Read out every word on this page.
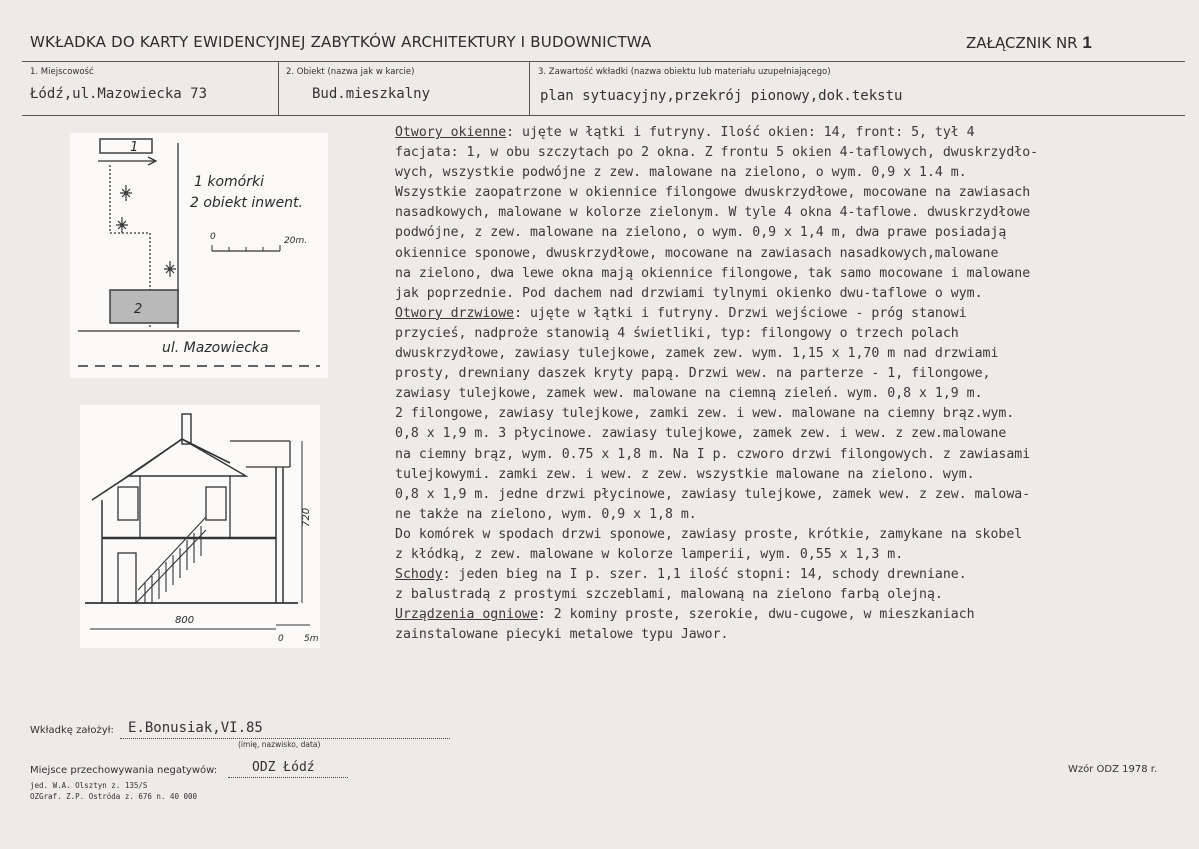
WKŁADKA DO KARTY EWIDENCYJNEJ ZABYTKÓW ARCHITEKTURY I BUDOWNICTWA	ZAŁĄCZNIK NR 1
1. Miejscowość
Łódź,ul.Mazowiecka 73
2. Obiekt (nazwa jak w karcie)
Bud.mieszkalny
3. Zawartość wkładki (nazwa obiektu lub materiału uzupełniającego)
plan sytuacyjny,przekrój pionowy,dok.tekstu
1
2
1 komórki
2 obiekt inwent.
0	20m.
ul. Mazowiecka
720
800
0 5m
Otwory okienne: ujęte w łątki i futryny. Ilość okien: 14, front: 5, tył 4
facjata: 1, w obu szczytach po 2 okna. Z frontu 5 okien 4-taflowych, dwuskrzydło-
wych, wszystkie podwójne z zew. malowane na zielono, o wym. 0,9 x 1.4 m.
Wszystkie zaopatrzone w okiennice filongowe dwuskrzydłowe, mocowane na zawiasach
nasadkowych, malowane w kolorze zielonym. W tyle 4 okna 4-taflowe. dwuskrzydłowe
podwójne, z zew. malowane na zielono, o wym. 0,9 x 1,4 m, dwa prawe posiadają
okiennice sponowe, dwuskrzydłowe, mocowane na zawiasach nasadkowych,malowane
na zielono, dwa lewe okna mają okiennice filongowe, tak samo mocowane i malowane
jak poprzednie. Pod dachem nad drzwiami tylnymi okienko dwu-taflowe o wym.
Otwory drzwiowe: ujęte w łątki i futryny. Drzwi wejściowe - próg stanowi
przycieś, nadproże stanowią 4 świetliki, typ: filongowy o trzech polach
dwuskrzydłowe, zawiasy tulejkowe, zamek zew. wym. 1,15 x 1,70 m nad drzwiami
prosty, drewniany daszek kryty papą. Drzwi wew. na parterze - 1, filongowe,
zawiasy tulejkowe, zamek wew. malowane na ciemną zieleń. wym. 0,8 x 1,9 m.
2 filongowe, zawiasy tulejkowe, zamki zew. i wew. malowane na ciemny brąz.wym.
0,8 x 1,9 m. 3 płycinowe. zawiasy tulejkowe, zamek zew. i wew. z zew.malowane
na ciemny brąz, wym. 0.75 x 1,8 m. Na I p. czworo drzwi filongowych. z zawiasami
tulejkowymi. zamki zew. i wew. z zew. wszystkie malowane na zielono. wym.
0,8 x 1,9 m. jedne drzwi płycinowe, zawiasy tulejkowe, zamek wew. z zew. malowa-
ne także na zielono, wym. 0,9 x 1,8 m.
Do komórek w spodach drzwi sponowe, zawiasy proste, krótkie, zamykane na skobel
z kłódką, z zew. malowane w kolorze lamperii, wym. 0,55 x 1,3 m.
Schody: jeden bieg na I p. szer. 1,1 ilość stopni: 14, schody drewniane.
z balustradą z prostymi szczeblami, malowaną na zielono farbą olejną.
Urządzenia ogniowe: 2 kominy proste, szerokie, dwu-cugowe, w mieszkaniach
zainstalowane piecyki metalowe typu Jawor.
Wkładkę założył: E.Bonusiak,VI.85
(imię, nazwisko, data)
Miejsce przechowywania negatywów:	ODZ Łódź
jed. W.A. Olsztyn z. 135/S
OZGraf. Z.P. Ostróda z. 676 n. 40 000
Wzór ODZ 1978 r.
